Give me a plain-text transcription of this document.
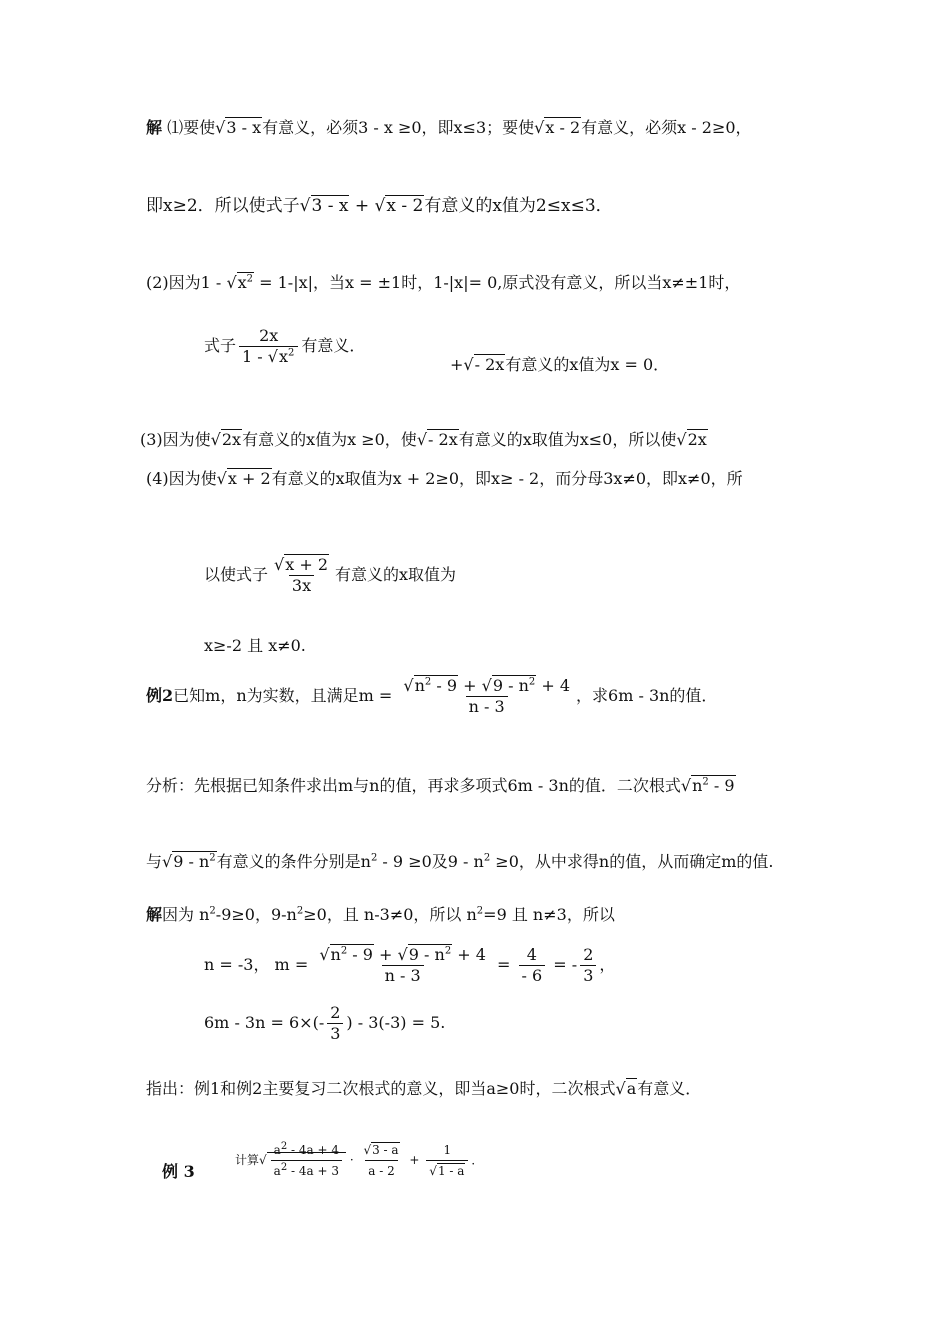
解 ⑴要使√3 - x有意义，必须3 - x ≥0，即x≤3；要使√x - 2有意义，必须x - 2≥0，
即x≥2．所以使式子√3 - x + √x - 2有意义的x值为2≤x≤3．
(2)因为$1 - √x^2 = 1-|x|$，当x = ±1时，1-|x|= 0,原式没有意义，所以当x≠±1时，
式子 $\frac{2x}{1 - √x^2}$ 有意义．
+√- 2x有意义的x值为x = 0．
(3)因为使√2x有意义的x值为x ≥0，使√- 2x有意义的x取值为x≤0，所以使√2x
(4)因为使√x + 2有意义的x取值为x + 2≥0，即x≥ - 2，而分母3x≠0，即x≠0，所
以使式子 $\frac{√x + 2}{3x}$ 有意义的x取值为
x≥-2 且 x≠0.
例2已知m，n为实数，且满足$m = \frac{√n^2 - 9 + √9 - n^2 + 4}{n - 3}$ ，求6m - 3n的值．
分析：先根据已知条件求出m与n的值，再求多项式6m - 3n的值．二次根式$√n^2 - 9$
与$√9 - n^2$有意义的条件分别是$n^2 - 9 \ge 0$及$9 - n^2 \ge 0$，从中求得n的值，从而确定m的值.
解因为 $n^2-9\ge 0$，$9-n^2\ge 0$，且 n-3≠0，所以 $n^2=9$ 且 n≠3，所以
n = -3， $m = \frac{√n^2 - 9 + √9 - n^2 + 4}{n - 3} = \frac{4}{- 6}$ = - $\frac{2}{3}$ ，
$6m - 3n = 6\times(- \frac{2}{3}$ ) - 3(-3) = 5.
指出：例1和例2主要复习二次根式的意义，即当a≥0时，二次根式√a有意义．
例 3
计算√ $\frac{a^2 - 4a + 4}{a^2 - 4a + 3} \cdot \frac{√3 - a}{a - 2} + \frac{1}{√1 - a}$ ．
